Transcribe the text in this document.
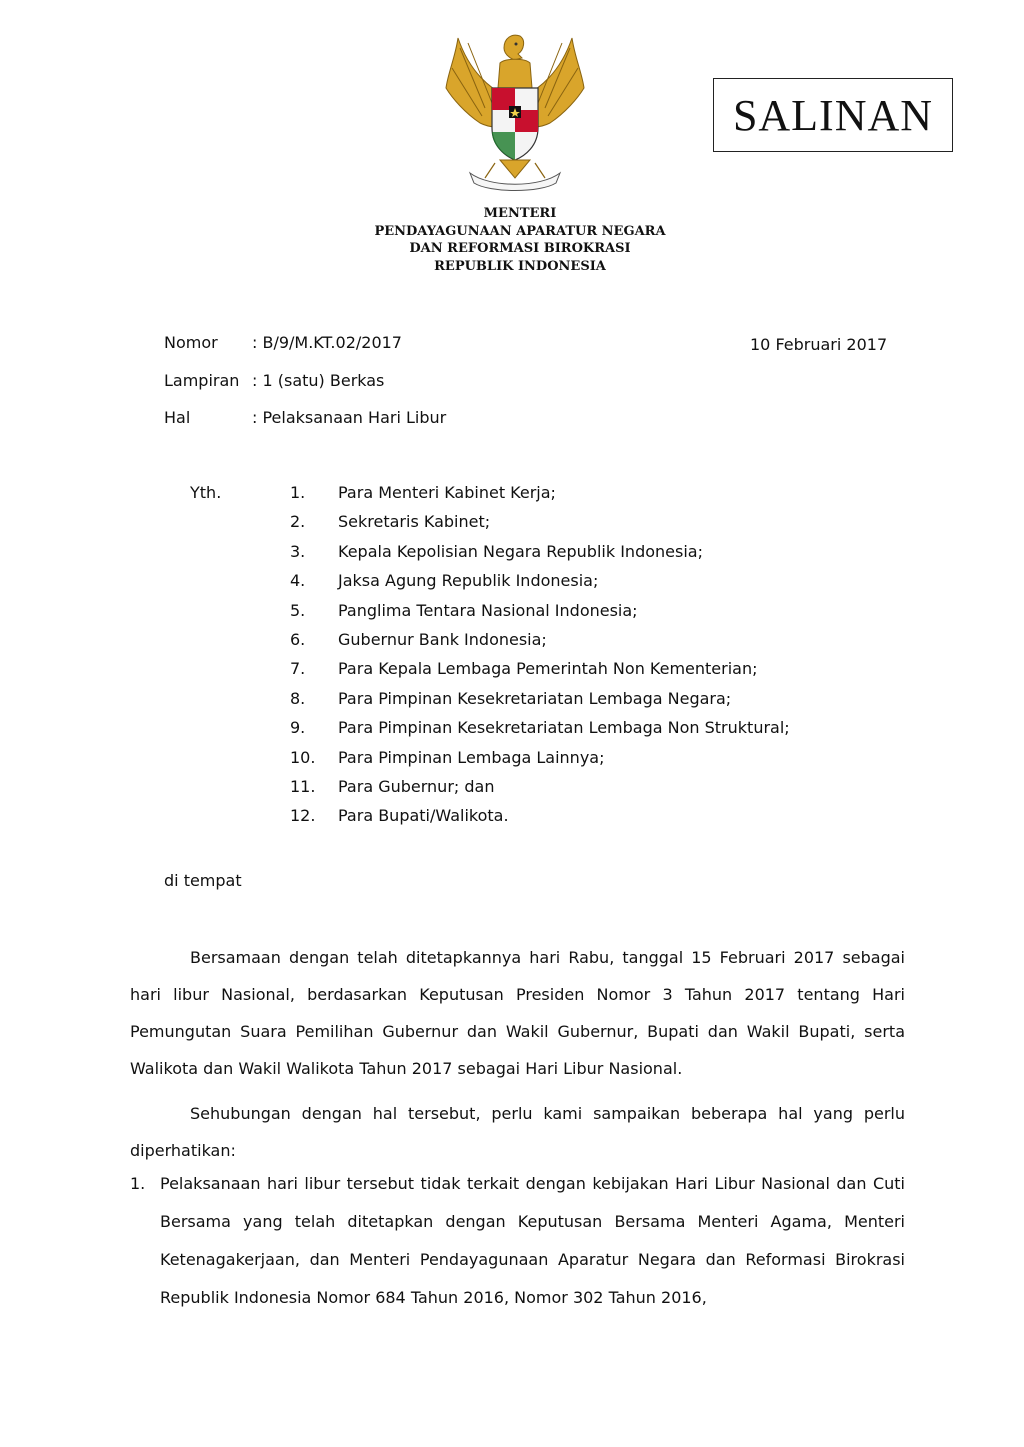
SALINAN
MENTERI
PENDAYAGUNAAN APARATUR NEGARA
DAN REFORMASI BIROKRASI
REPUBLIK INDONESIA
Nomor : B/9/M.KT.02/2017
Lampiran : 1 (satu) Berkas
Hal	: Pelaksanaan Hari Libur
10 Februari 2017
Yth.	1. Para Menteri Kabinet Kerja;
2. Sekretaris Kabinet;
3. Kepala Kepolisian Negara Republik Indonesia;
4. Jaksa Agung Republik Indonesia;
5. Panglima Tentara Nasional Indonesia;
6. Gubernur Bank Indonesia;
7. Para Kepala Lembaga Pemerintah Non Kementerian;
8. Para Pimpinan Kesekretariatan Lembaga Negara;
9. Para Pimpinan Kesekretariatan Lembaga Non Struktural;
10. Para Pimpinan Lembaga Lainnya;
11. Para Gubernur; dan
12. Para Bupati/Walikota.
di tempat

Bersamaan dengan telah ditetapkannya hari Rabu, tanggal 15 Februari 2017 sebagai hari libur Nasional, berdasarkan Keputusan Presiden Nomor 3 Tahun 2017 tentang Hari Pemungutan Suara Pemilihan Gubernur dan Wakil Gubernur, Bupati dan Wakil Bupati, serta Walikota dan Wakil Walikota Tahun 2017 sebagai Hari Libur Nasional.

Sehubungan dengan hal tersebut, perlu kami sampaikan beberapa hal yang perlu diperhatikan:

1. Pelaksanaan hari libur tersebut tidak terkait dengan kebijakan Hari Libur Nasional dan Cuti Bersama yang telah ditetapkan dengan Keputusan Bersama Menteri Agama, Menteri Ketenagakerjaan, dan Menteri Pendayagunaan Aparatur Negara dan Reformasi Birokrasi Republik Indonesia Nomor 684 Tahun 2016, Nomor 302 Tahun 2016,
